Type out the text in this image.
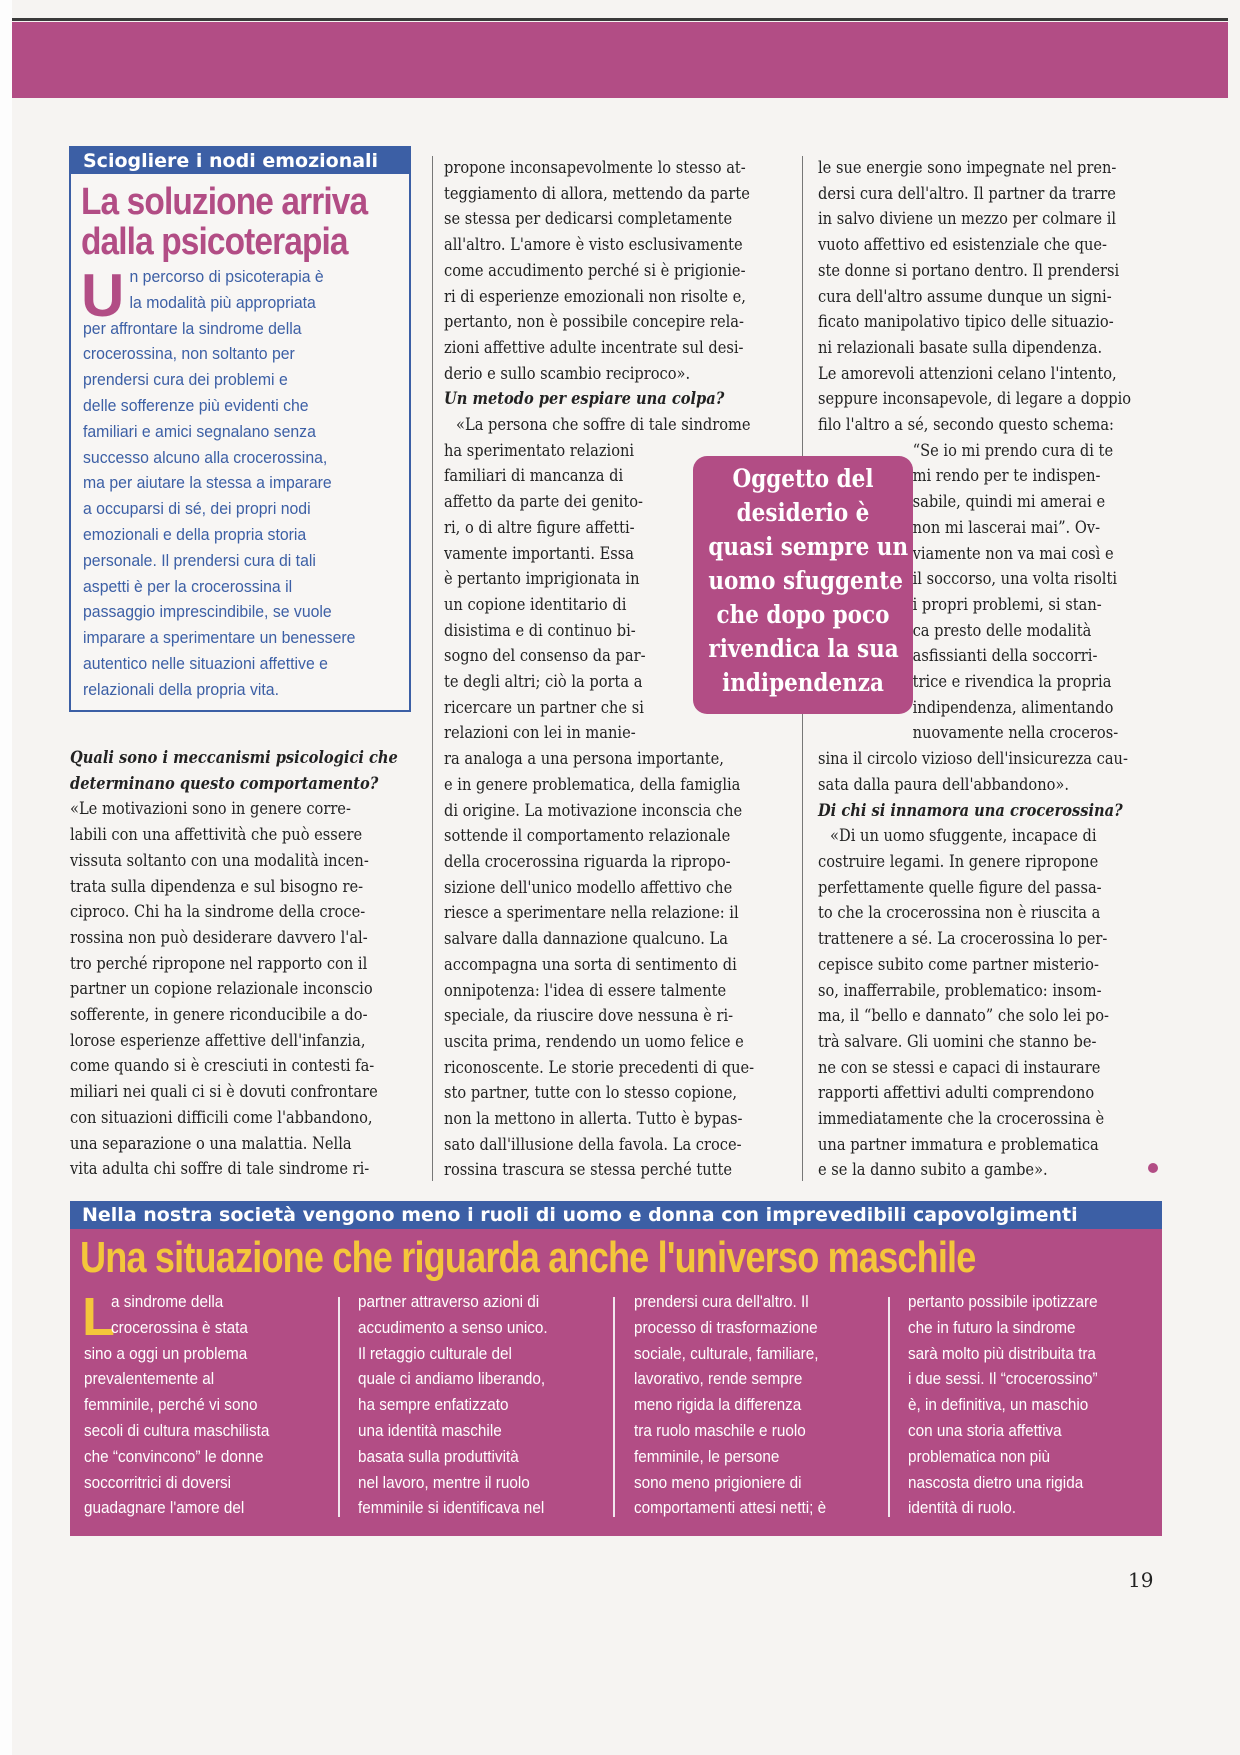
Sciogliere i nodi emozionali
La soluzione arriva
dalla psicoterapia
U n percorso di psicoterapia è
la modalità più appropriata
per affrontare la sindrome della
crocerossina, non soltanto per
prendersi cura dei problemi e
delle sofferenze più evidenti che
familiari e amici segnalano senza
successo alcuno alla crocerossina,
ma per aiutare la stessa a imparare
a occuparsi di sé, dei propri nodi
emozionali e della propria storia
personale. Il prendersi cura di tali
aspetti è per la crocerossina il
passaggio imprescindibile, se vuole
imparare a sperimentare un benessere
autentico nelle situazioni affettive e
relazionali della propria vita.
Quali sono i meccanismi psicologici che
determinano questo comportamento?
«Le motivazioni sono in genere corre-
labili con una affettività che può essere
vissuta soltanto con una modalità incen-
trata sulla dipendenza e sul bisogno re-
ciproco. Chi ha la sindrome della croce-
rossina non può desiderare davvero l'al-
tro perché ripropone nel rapporto con il
partner un copione relazionale inconscio
sofferente, in genere riconducibile a do-
lorose esperienze affettive dell'infanzia,
come quando si è cresciuti in contesti fa-
miliari nei quali ci si è dovuti confrontare
con situazioni difficili come l'abbandono,
una separazione o una malattia. Nella
vita adulta chi soffre di tale sindrome ri-
propone inconsapevolmente lo stesso at-
teggiamento di allora, mettendo da parte
se stessa per dedicarsi completamente
all'altro. L'amore è visto esclusivamente
come accudimento perché si è prigionie-
ri di esperienze emozionali non risolte e,
pertanto, non è possibile concepire rela-
zioni affettive adulte incentrate sul desi-
derio e sullo scambio reciproco».
Un metodo per espiare una colpa?
«La persona che soffre di tale sindrome
ha sperimentato relazioni
familiari di mancanza di
affetto da parte dei genito-
ri, o di altre figure affetti-
vamente importanti. Essa
è pertanto imprigionata in
un copione identitario di
disistima e di continuo bi-
sogno del consenso da par-
te degli altri; ciò la porta a
ricercare un partner che si
relazioni con lei in manie-
ra analoga a una persona importante,
e in genere problematica, della famiglia
di origine. La motivazione inconscia che
sottende il comportamento relazionale
della crocerossina riguarda la ripropo-
sizione dell'unico modello affettivo che
riesce a sperimentare nella relazione: il
salvare dalla dannazione qualcuno. La
accompagna una sorta di sentimento di
onnipotenza: l'idea di essere talmente
speciale, da riuscire dove nessuna è ri-
uscita prima, rendendo un uomo felice e
riconoscente. Le storie precedenti di que-
sto partner, tutte con lo stesso copione,
non la mettono in allerta. Tutto è bypas-
sato dall'illusione della favola. La croce-
rossina trascura se stessa perché tutte
le sue energie sono impegnate nel pren-
dersi cura dell'altro. Il partner da trarre
in salvo diviene un mezzo per colmare il
vuoto affettivo ed esistenziale che que-
ste donne si portano dentro. Il prendersi
cura dell'altro assume dunque un signi-
ficato manipolativo tipico delle situazio-
ni relazionali basate sulla dipendenza.
Le amorevoli attenzioni celano l'intento,
seppure inconsapevole, di legare a doppio
filo l'altro a sé, secondo questo schema:
“Se io mi prendo cura di te
mi rendo per te indispen-
sabile, quindi mi amerai e
non mi lascerai mai”. Ov-
viamente non va mai così e
il soccorso, una volta risolti
i propri problemi, si stan-
ca presto delle modalità
asfissianti della soccorri-
trice e rivendica la propria
indipendenza, alimentando
nuovamente nella croceros-
sina il circolo vizioso dell'insicurezza cau-
sata dalla paura dell'abbandono».
Di chi si innamora una crocerossina?
«Di un uomo sfuggente, incapace di
costruire legami. In genere ripropone
perfettamente quelle figure del passa-
to che la crocerossina non è riuscita a
trattenere a sé. La crocerossina lo per-
cepisce subito come partner misterio-
so, inafferrabile, problematico: insom-
ma, il “bello e dannato” che solo lei po-
trà salvare. Gli uomini che stanno be-
ne con se stessi e capaci di instaurare
rapporti affettivi adulti comprendono
immediatamente che la crocerossina è
una partner immatura e problematica
e se la danno subito a gambe».
Oggetto del
desiderio è
quasi sempre un
uomo sfuggente
che dopo poco
rivendica la sua
indipendenza
Nella nostra società vengono meno i ruoli di uomo e donna con imprevedibili capovolgimenti
Una situazione che riguarda anche l'universo maschile
L
a sindrome della
crocerossina è stata
sino a oggi un problema
prevalentemente al
femminile, perché vi sono
secoli di cultura maschilista
che “convincono” le donne
soccorritrici di doversi
guadagnare l'amore del
partner attraverso azioni di
accudimento a senso unico.
Il retaggio culturale del
quale ci andiamo liberando,
ha sempre enfatizzato
una identità maschile
basata sulla produttività
nel lavoro, mentre il ruolo
femminile si identificava nel
prendersi cura dell'altro. Il
processo di trasformazione
sociale, culturale, familiare,
lavorativo, rende sempre
meno rigida la differenza
tra ruolo maschile e ruolo
femminile, le persone
sono meno prigioniere di
comportamenti attesi netti; è
pertanto possibile ipotizzare
che in futuro la sindrome
sarà molto più distribuita tra
i due sessi. Il “crocerossino”
è, in definitiva, un maschio
con una storia affettiva
problematica non più
nascosta dietro una rigida
identità di ruolo.
19
